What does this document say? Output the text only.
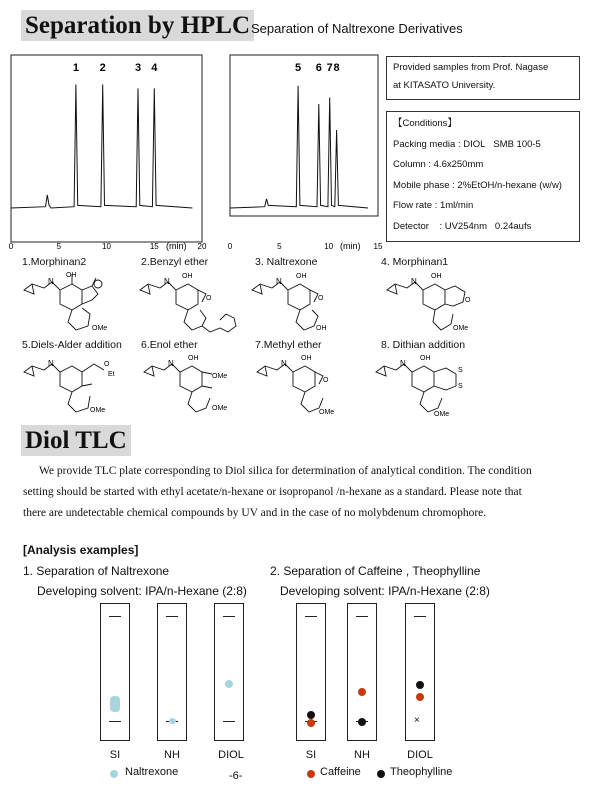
Separation by HPLC Separation of Naltrexone Derivatives
1 2	3 4
0	5	10	15	20
(min)
5 6 7 8
0	5	10	15
(min)
Provided samples from Prof. Nagase
at KITASATO University.
【Conditions】
Packing media : DIOL   SMB 100-5
Column : 4.6x250mm
Mobile phase : 2%EtOH/n-hexane (w/w)
Flow rate : 1ml/min
Detector    : UV254nm   0.24aufs
1.Morphinan2	2.Benzyl ether	3. Naltrexone	4. Morphinan1
5.Diels-Alder addition 6.Enol ether	7.Methyl ether	8. Dithian addition
N
OH
OMe
N
OH
O
N
OH
O
OH
N
OH
O
OMe
N	O
Et
OMe
N
OH
OMe
OMe
N
OH
O
OMe
N
OH
S
S
OMe
Diol TLC
We provide TLC plate corresponding to Diol silica for determination of analytical condition. The condition setting should be started with ethyl acetate/n-hexane or isopropanol /n-hexane as a standard. Please note that there are undetectable chemical compounds by UV and in the case of no molybdenum chromophore.
[Analysis examples]
1. Separation of Naltrexone
Developing solvent: IPA/n-Hexane (2:8)
2. Separation of Caffeine , Theophylline
Developing solvent: IPA/n-Hexane (2:8)
SI	NH	DIOL
×
SI	NH	DIOL
Naltrexone	-6-	Caffeine	Theophylline
